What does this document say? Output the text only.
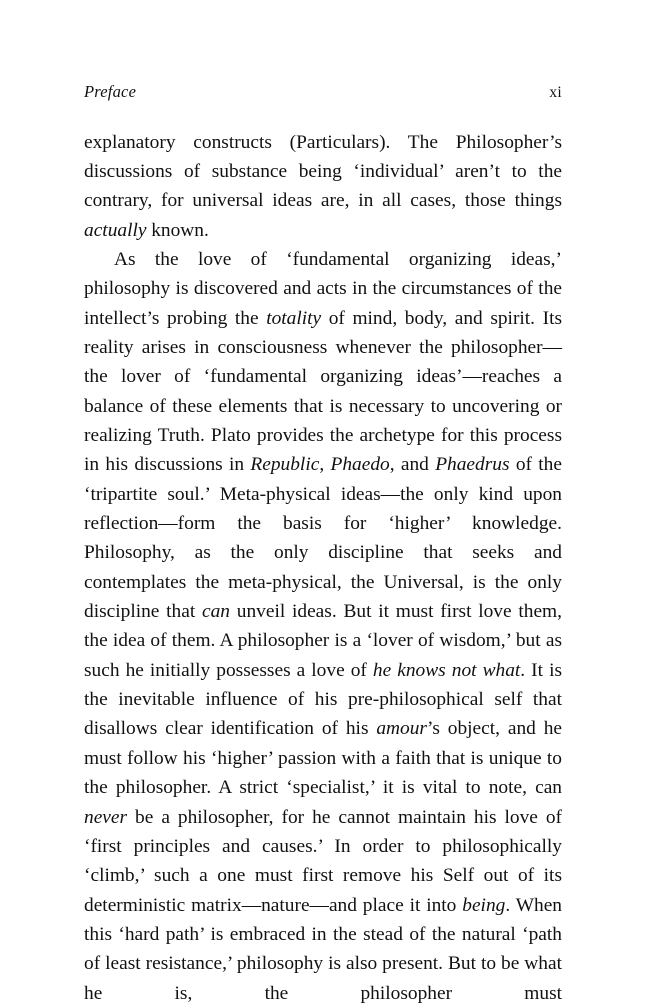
Preface	xi

explanatory constructs (Particulars). The Philosopher’s discussions of substance being ‘individual’ aren’t to the contrary, for universal ideas are, in all cases, those things actually known.

As the love of ‘fundamental organizing ideas,’ philosophy is discovered and acts in the circumstances of the intellect’s probing the totality of mind, body, and spirit. Its reality arises in consciousness whenever the philosopher—the lover of ‘fundamental organizing ideas’—reaches a balance of these elements that is necessary to uncovering or realizing Truth. Plato provides the archetype for this process in his discussions in Republic, Phaedo, and Phaedrus of the ‘tripartite soul.’ Meta-physical ideas—the only kind upon reflection—form the basis for ‘higher’ knowledge. Philosophy, as the only discipline that seeks and contemplates the meta-physical, the Universal, is the only discipline that can unveil ideas. But it must first love them, the idea of them. A philosopher is a ‘lover of wisdom,’ but as such he initially possesses a love of he knows not what. It is the inevitable influence of his pre-philosophical self that disallows clear identification of his amour’s object, and he must follow his ‘higher’ passion with a faith that is unique to the philosopher. A strict ‘specialist,’ it is vital to note, can never be a philosopher, for he cannot maintain his love of ‘first principles and causes.’ In order to philosophically ‘climb,’ such a one must first remove his Self out of its deterministic matrix—nature—and place it into being. When this ‘hard path’ is embraced in the stead of the natural ‘path of least resistance,’ philosophy is also present. But to be what he is, the philosopher must
